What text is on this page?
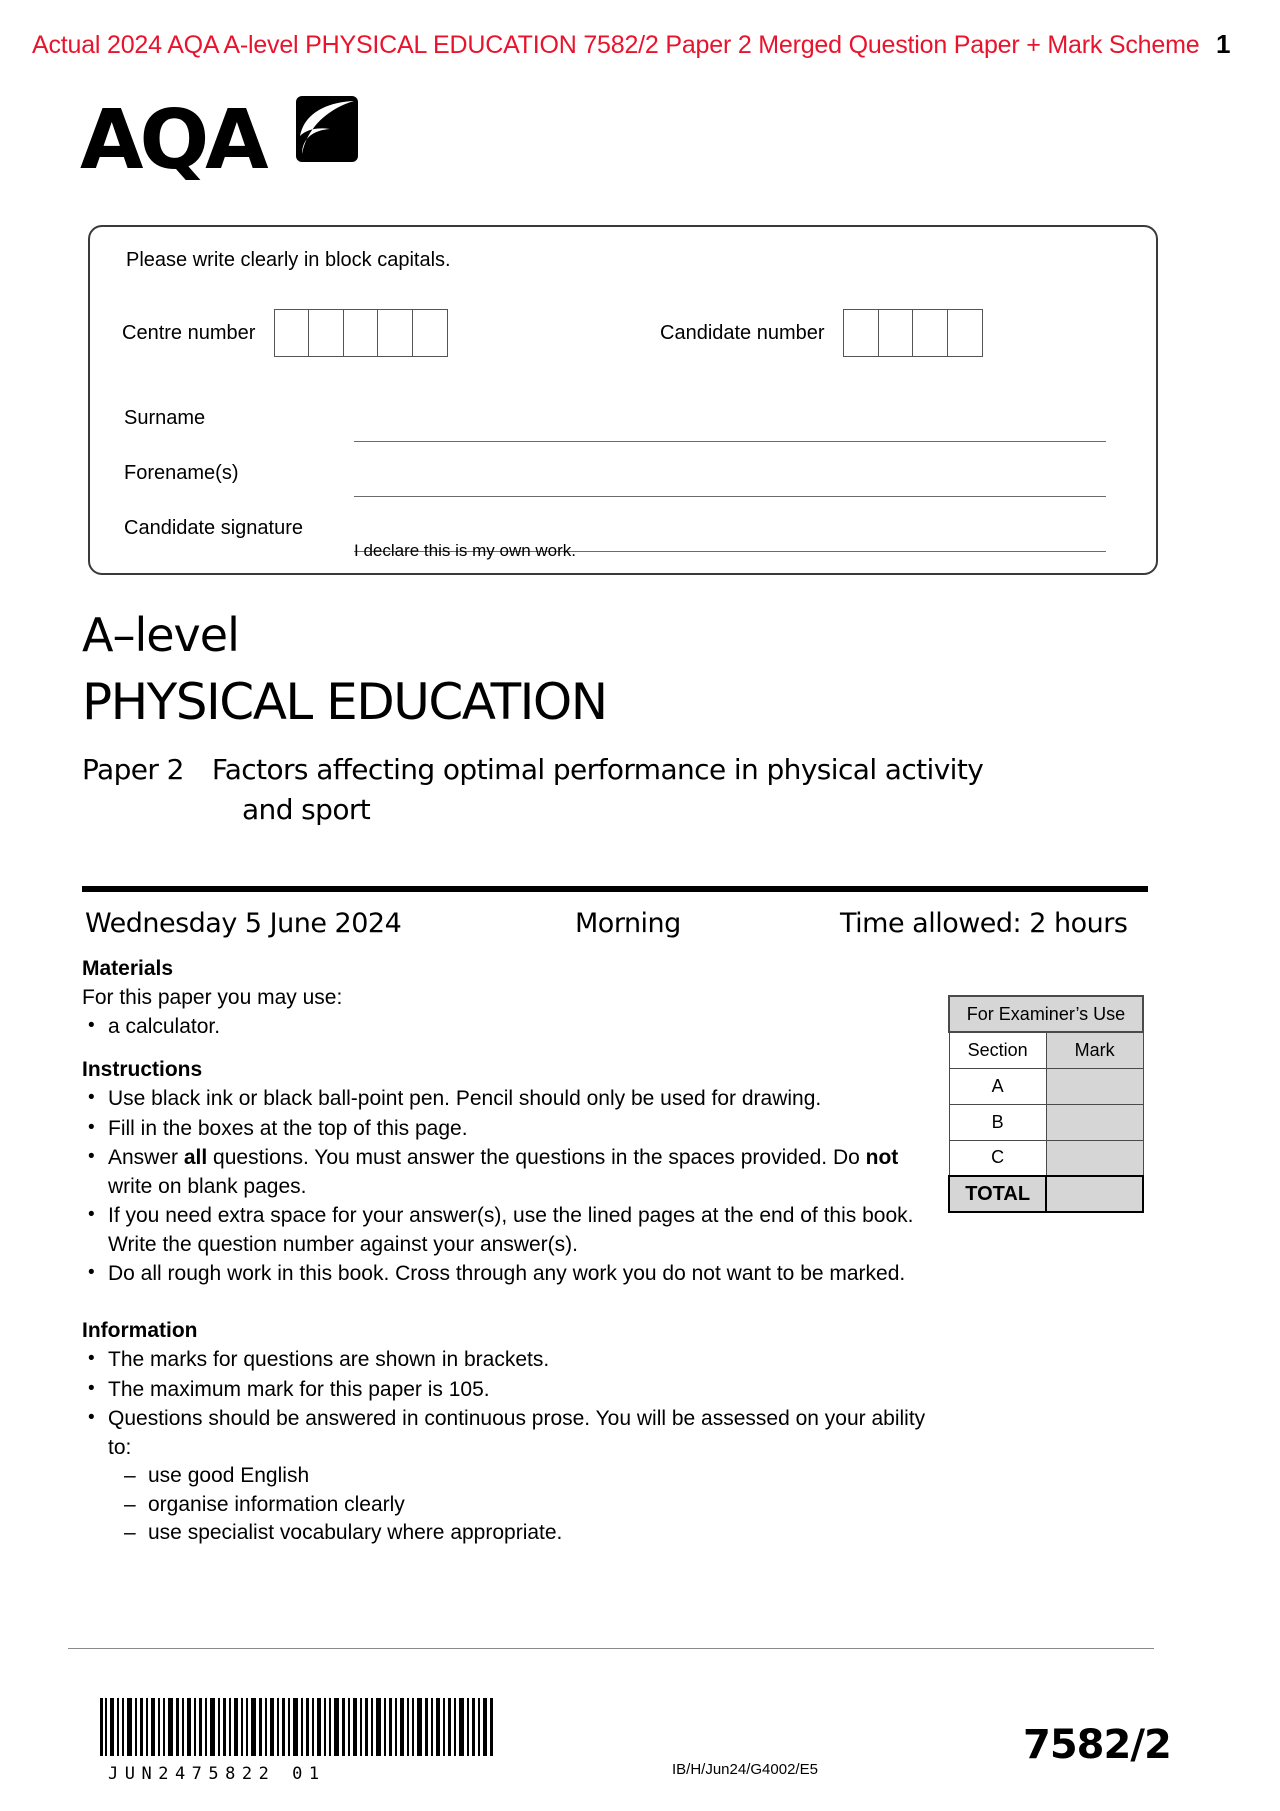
Actual 2024 AQA A-level PHYSICAL EDUCATION 7582/2 Paper 2 Merged Question Paper + Mark Scheme 1
AQA
Please write clearly in block capitals.
Centre number	Candidate number
Surname
Forename(s)
Candidate signature
I declare this is my own work.
A–level
PHYSICAL EDUCATION
Paper 2 Factors affecting optimal performance in physical activity
and sport
Wednesday 5 June 2024	Morning	Time allowed: 2 hours
Materials
For this paper you may use:
• a calculator.
Instructions
• Use black ink or black ball-point pen. Pencil should only be used for drawing.
• Fill in the boxes at the top of this page.
• Answer all questions. You must answer the questions in the spaces provided. Do not write on blank pages.
• If you need extra space for your answer(s), use the lined pages at the end of this book. Write the question number against your answer(s).
• Do all rough work in this book. Cross through any work you do not want to be marked.
Information
• The marks for questions are shown in brackets.
• The maximum mark for this paper is 105.
• Questions should be answered in continuous prose. You will be assessed on your ability to:
– use good English
– organise information clearly
– use specialist vocabulary where appropriate.
For Examiner’s Use	
Section	Mark
A	
B	
C	
TOTAL	
JUN2475822 01	IB/H/Jun24/G4002/E5
7582/2
